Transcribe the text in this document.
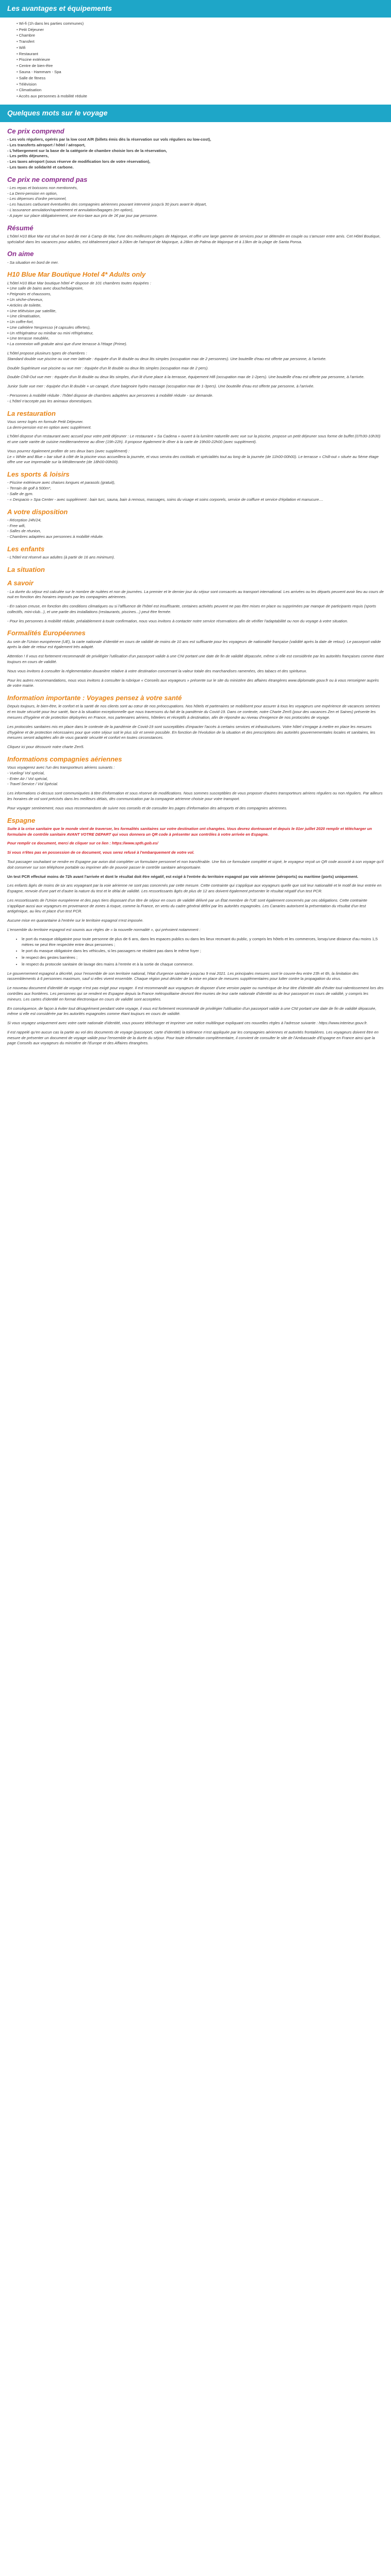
Les avantages et équipements
• Wi-fi (1h dans les parties communes)
• Petit Déjeuner
• Chambre
• Transfert
• Wifi
• Restaurant
• Piscine extérieure
• Centre de bien-être
• Sauna - Hammam - Spa
• Salle de fitness
• Télévision
• Climatisation
• Accès aux personnes à mobilité réduite
Quelques mots sur le voyage
Ce prix comprend

- Les vols réguliers, opérés par la low cost A/R (billets émis dès la réservation sur vols réguliers ou low-cost),

- Les transferts aéroport / hôtel / aéroport,

- L'hébergement sur la base de la catégorie de chambre choisie lors de la réservation,

- Les petits déjeuners,

- Les taxes aéroport (sous réserve de modification lors de votre réservation),

- Les taxes de solidarité et carbone.

Ce prix ne comprend pas

- Les repas et boissons non mentionnés,

- La Demi-pension en option,

- Les dépenses d'ordre personnel,

- Les hausses carburant éventuelles des compagnies aériennes pouvant intervenir jusqu'à 30 jours avant le départ,

- L'assurance annulation/rapatriement et annulation/bagages (en option),

- A payer sur place obligatoirement, une éco-taxe aux prix de 1€ par jour par personne.

Résumé

L'hôtel H10 Blue Mar est situé en bord de mer à Camp de Mar, l'une des meilleures plages de Majorque, et offre une large gamme de services pour se détendre en couple ou s'amuser entre amis. Cet Hôtel Boutique, spécialisé dans les vacances pour adultes, est idéalement placé à 20km de l'aéroport de Majorque, à 28km de Palma de Majorque et à 13km de la plage de Santa Ponsa.

On aime

- Sa situation en bord de mer.

H10 Blue Mar Boutique Hotel 4* Adults only

L'hôtel H10 Blue Mar boutique hôtel 4* dispose de 101 chambres toutes équipées :

• Une salle de bains avec douche/baignoire,

• Peignoirs et chaussons,

• Un sèche-cheveux,

• Articles de toilette,

• Une télévision par satellite,

• Une climatisation,

• Un coffre-fort,

• Une cafetière Nespresso (4 capsules offertes),

• Un réfrigérateur ou minibar ou mini réfrigérateur,

• Une terrasse meublée,

• La connexion wifi gratuite ainsi que d'une terrasse à l'étage (Prime).

L'hôtel propose plusieurs types de chambres :

Standard double vue piscine ou vue mer latérale : équipée d'un lit double ou deux lits simples (occupation max de 2 personnes). Une bouteille d'eau est offerte par personne, à l'arrivée.

Double Supérieure vue piscine ou vue mer : équipée d'un lit double ou deux lits simples (occupation max de 2 pers).

Double Chill-Out vue mer : équipée d'un lit double ou deux lits simples, d'un lit d'une place à la terrasse, équipement Hifi (occupation max de 1-2pers). Une bouteille d'eau est offerte par personne, à l'arrivée.

Junior Suite vue mer : équipée d'un lit double + un canapé, d'une baignoire hydro massage (occupation max de 1-3pers). Une bouteille d'eau est offerte par personne, à l'arrivée.

- Personnes à mobilité réduite : l'hôtel dispose de chambres adaptées aux personnes à mobilité réduite - sur demande.

- L'hôtel n'accepte pas les animaux domestiques.

La restauration

Vous serez logés en formule Petit Déjeuner.

La demi-pension est en option avec supplément.

L'hôtel dispose d'un restaurant avec accueil pour votre petit déjeuner : Le restaurant « Sa Cadena » ouvert à la lumière naturelle avec vue sur la piscine, propose un petit déjeuner sous forme de buffet (07h30-10h30) et une carte variée de cuisine mediterranéenne au dîner (19h-22h). Il propose également le dîner à la carte de 19h00-22h00 (avec supplément).

Vous pourrez également profiter de ses deux bars (avec supplément) :

Le « White and Blue » bar situé à côté de la piscine vous accueillera la journée, et vous servira des cocktails et spécialités tout au long de la journée (de 11h00-00h00). Le terrasse « Chill-out » située au 5ème étage offre une vue imprenable sur la Méditerranée (de 18h00-00h00).

Les sports & loisirs

- Piscine extérieure avec chaises longues et parasols (gratuit),

- Terrain de golf à 500m*,

- Salle de gym.

- « Despacio » Spa Center - avec supplément : bain turc, sauna, bain à remous, massages, soins du visage et soins corporels, service de coiffure et service d'épilation et manucure....

A votre disposition

- Réception 24h/24,

- Free wifi,

- Salles de réunion,

- Chambres adaptées aux personnes à mobilité réduite.

Les enfants

- L'hôtel est réservé aux adultes (à partir de 16 ans minimum).

La situation
A savoir

- La durée du séjour est calculée sur le nombre de nuitées et non de journées. La premier et le dernier jour du séjour sont consacrés au transport international. Les arrivées ou les départs peuvent avoir lieu au cours de nuit en fonction des horaires imposés par les compagnies aériennes.

- En saison creuse, en fonction des conditions climatiques ou si l'affluence de l'hôtel est insuffisante, certaines activités peuvent ne pas être mises en place ou supprimées par manque de participants requis (sports collectifs, mini-club...), et une partie des installations (restaurants, piscines...) peut être fermée.

- Pour les personnes à mobilité réduite, préalablement à toute confirmation, nous vous invitons à contacter notre service réservations afin de vérifier l'adaptabilité ou non du voyage à votre situation.

Formalités Européennes

Au sein de l'Union européenne (UE), la carte nationale d'identité en cours de validité de moins de 10 ans est suffisante pour les voyageurs de nationalité française (validité après la date de retour). Le passeport valide après la date de retour est également très adapté.

Attention ! Il vous est fortement recommandé de privilégier l'utilisation d'un passeport valide à une CNI portant une date de fin de validité dépassée, même si elle est considérée par les autorités françaises comme étant toujours en cours de validité.

Nous vous invitons à consulter la réglementation douanière relative à votre destination concernant la valeur totale des marchandises ramenées, des tabacs et des spiritueux.

Pour les autres recommandations, nous vous invitons à consulter la rubrique « Conseils aux voyageurs » présente sur le site du ministère des affaires étrangères www.diplomatie.gouv.fr ou à vous renseigner auprès de votre mairie.

Information importante : Voyages pensez à votre santé

Depuis toujours, le bien-être, le confort et la santé de nos clients sont au cœur de nos préoccupations. Nos hôtels et partenaires se mobilisent pour assurer à tous les voyageurs une expérience de vacances sereines et en toute sécurité pour leur santé, face à la situation exceptionnelle que nous traversons du fait de la pandémie du Covid-19. Dans ce contexte, notre Charte Zen5 (pour des vacances Zen et Saines) présente les mesures d'hygiène et de protection déployées en France, nos partenaires aériens, hôteliers et réceptifs à destination, afin de répondre au niveau d'exigence de nos protocoles de voyage.

Les protocoles sanitaires mis en place dans le contexte de la pandémie de Covid-19 sont susceptibles d'impacter l'accès à certains services et infrastructures. Votre hôtel s'engage à mettre en place les mesures d'hygiène et de protection nécessaires pour que votre séjour soit le plus sûr et serein possible. En fonction de l'évolution de la situation et des prescriptions des autorités gouvernementales locales et sanitaires, les mesures seront adaptées afin de vous garantir sécurité et confort en toutes circonstances.

Cliquez ici pour découvrir notre charte Zen5.

Informations compagnies aériennes

Vous voyagerez avec l'un des transporteurs aériens suivants :

- Vueling/ Vol spécial,

- Enter Air / Vol spécial,

- Travel Service / Vol Spécial.

Les informations ci-dessus sont communiquées à titre d'information et sous réserve de modifications. Nous sommes susceptibles de vous proposer d'autres transporteurs aériens réguliers ou non réguliers. Par ailleurs les horaires de vol sont précisés dans les meilleurs délais, dès communication par la compagnie aérienne choisie pour votre transport.

Pour voyager sereinement, nous vous recommandons de suivre nos conseils et de consulter les pages d'information des aéroports et des compagnies aériennes.

Espagne

Suite à la crise sanitaire que le monde vient de traverser, les formalités sanitaires sur votre destination ont changées. Vous devrez dorénavant et depuis le 01er juillet 2020 remplir et télécharger un formulaire de contrôle sanitaire AVANT VOTRE DEPART qui vous donnera un QR code à présenter aux contrôles à votre arrivée en Espagne.

Pour remplir ce document, merci de cliquer sur ce lien : https://www.spth.gob.es/

Si vous n'êtes pas en possession de ce document, vous serez refusé à l'embarquement de votre vol.

Tout passager souhaitant se rendre en Espagne par avion doit compléter un formulaire personnel et non transférable. Une fois ce formulaire complété et signé, le voyageur reçoit un QR code associé à son voyage qu'il doit conserver sur son téléphone portable ou imprimer afin de pouvoir passer le contrôle sanitaire aéroportuaire.

Un test PCR effectué moins de 72h avant l'arrivée et dont le résultat doit être négatif, est exigé à l'entrée du territoire espagnol par voie aérienne (aéroports) ou maritime (ports) uniquement.

Les enfants âgés de moins de six ans voyageant par la voie aérienne ne sont pas concernés par cette mesure. Cette contrainte qui s'applique aux voyageurs quelle que soit leur nationalité et le motif de leur entrée en Espagne, renvoie d'une part et d'autre la nature du test et le délai de validité. Les ressortissants âgés de plus de 12 ans doivent également présenter le résultat négatif d'un test PCR.

Les ressortissants de l'Union européenne et des pays tiers disposant d'un titre de séjour en cours de validité délivré par un État membre de l'UE sont également concernés par ces obligations. Cette contrainte s'applique aussi aux voyageurs en provenance de zones à risque, comme la France, en vertu du cadre général défini par les autorités espagnoles. Les Canaries autorisent la présentation du résultat d'un test antigénique, au lieu et place d'un test PCR.

Aucune mise en quarantaine à l'entrée sur le territoire espagnol n'est imposée.

L'ensemble du territoire espagnol est soumis aux règles de « la nouvelle normalité », qui prévoient notamment :

• le port du masque obligatoire pour toute personne de plus de 6 ans, dans les espaces publics ou dans les lieux recevant du public, y compris les hôtels et les commerces, lorsqu'une distance d'au moins 1,5 mètres ne peut être respectée entre deux personnes ;
• le port du masque obligatoire dans les véhicules, si les passagers ne résident pas dans le même foyer ;
• le respect des gestes barrières ;
• le respect du protocole sanitaire de lavage des mains à l'entrée et à la sortie de chaque commerce.

Le gouvernement espagnol a décrété, pour l'ensemble de son territoire national, l'état d'urgence sanitaire jusqu'au 9 mai 2021. Les principales mesures sont le couvre-feu entre 23h et 6h, la limitation des rassemblements à 6 personnes maximum, sauf si elles vivent ensemble. Chaque région peut décider de la mise en place de mesures supplémentaires pour lutter contre la propagation du virus.

Le nouveau document d'identité de voyage n'est pas exigé pour voyager. Il est recommandé aux voyageurs de disposer d'une version papier ou numérique de leur titre d'identité afin d'éviter tout ralentissement lors des contrôles aux frontières. Les personnes qui se rendent en Espagne depuis la France métropolitaine devront être munies de leur carte nationale d'identité ou de leur passeport en cours de validité, y compris les mineurs. Les cartes d'identité en format électronique en cours de validité sont acceptées.

En conséquence, de façon à éviter tout désagrément pendant votre voyage, il vous est fortement recommandé de privilégier l'utilisation d'un passeport valide à une CNI portant une date de fin de validité dépassée, même si elle est considérée par les autorités espagnoles comme étant toujours en cours de validité.

Si vous voyagez uniquement avec votre carte nationale d'identité, vous pouvez télécharger et imprimer une notice multilingue expliquant ces nouvelles règles à l'adresse suivante : https://www.interieur.gouv.fr.

Il est rappelé qu'en aucun cas la partie au vol des documents de voyage (passeport, carte d'identité) la tolérance n'est appliquée par les compagnies aériennes et autorités frontalières. Les voyageurs doivent être en mesure de présenter un document de voyage valide pour l'ensemble de la durée du séjour. Pour toute information complémentaire, il convient de consulter le site de l'Ambassade d'Espagne en France ainsi que la page Conseils aux voyageurs du ministère de l'Europe et des Affaires étrangères.
